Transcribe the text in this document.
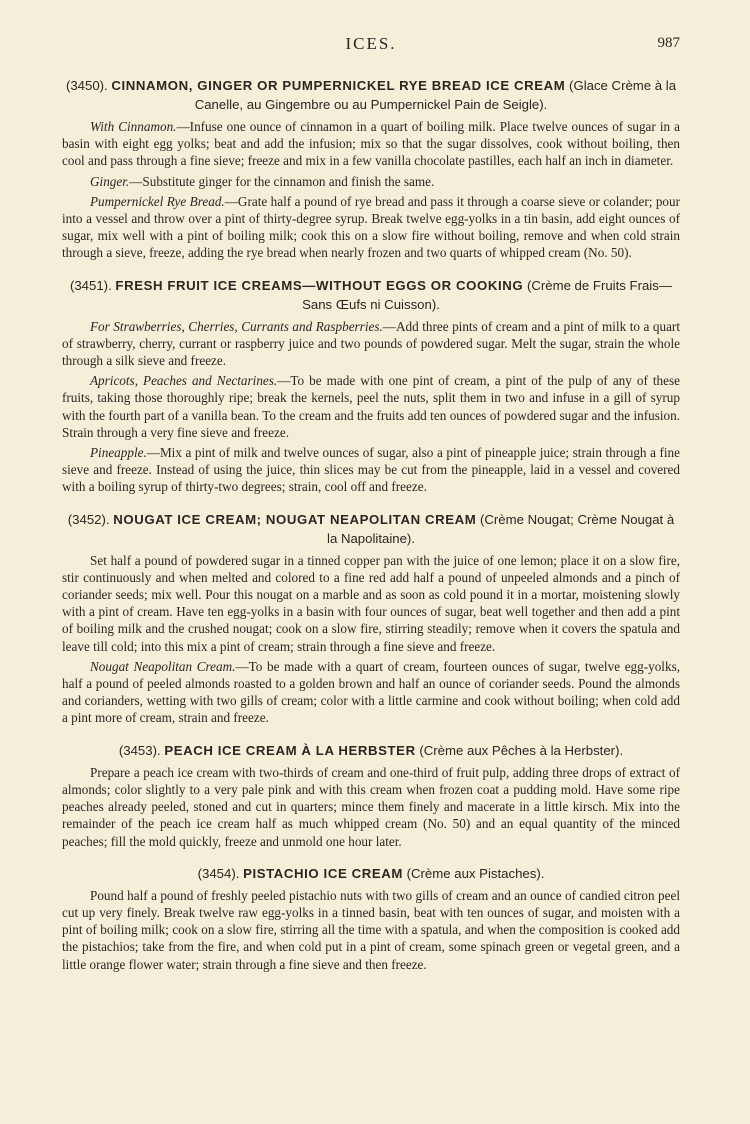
ICES.	987
(3450). CINNAMON, GINGER OR PUMPERNICKEL RYE BREAD ICE CREAM (Glace Crème à la Canelle, au Gingembre ou au Pumpernickel Pain de Seigle).

With Cinnamon.—Infuse one ounce of cinnamon in a quart of boiling milk. Place twelve ounces of sugar in a basin with eight egg yolks; beat and add the infusion; mix so that the sugar dissolves, cook without boiling, then cool and pass through a fine sieve; freeze and mix in a few vanilla chocolate pastilles, each half an inch in diameter.

Ginger.—Substitute ginger for the cinnamon and finish the same.

Pumpernickel Rye Bread.—Grate half a pound of rye bread and pass it through a coarse sieve or colander; pour into a vessel and throw over a pint of thirty-degree syrup. Break twelve egg-yolks in a tin basin, add eight ounces of sugar, mix well with a pint of boiling milk; cook this on a slow fire without boiling, remove and when cold strain through a sieve, freeze, adding the rye bread when nearly frozen and two quarts of whipped cream (No. 50).

(3451). FRESH FRUIT ICE CREAMS—WITHOUT EGGS OR COOKING (Crème de Fruits Frais—Sans Œufs ni Cuisson).

For Strawberries, Cherries, Currants and Raspberries.—Add three pints of cream and a pint of milk to a quart of strawberry, cherry, currant or raspberry juice and two pounds of powdered sugar. Melt the sugar, strain the whole through a silk sieve and freeze.

Apricots, Peaches and Nectarines.—To be made with one pint of cream, a pint of the pulp of any of these fruits, taking those thoroughly ripe; break the kernels, peel the nuts, split them in two and infuse in a gill of syrup with the fourth part of a vanilla bean. To the cream and the fruits add ten ounces of powdered sugar and the infusion. Strain through a very fine sieve and freeze.

Pineapple.—Mix a pint of milk and twelve ounces of sugar, also a pint of pineapple juice; strain through a fine sieve and freeze. Instead of using the juice, thin slices may be cut from the pineapple, laid in a vessel and covered with a boiling syrup of thirty-two degrees; strain, cool off and freeze.

(3452). NOUGAT ICE CREAM; NOUGAT NEAPOLITAN CREAM (Crème Nougat; Crème Nougat à la Napolitaine).

Set half a pound of powdered sugar in a tinned copper pan with the juice of one lemon; place it on a slow fire, stir continuously and when melted and colored to a fine red add half a pound of unpeeled almonds and a pinch of coriander seeds; mix well. Pour this nougat on a marble and as soon as cold pound it in a mortar, moistening slowly with a pint of cream. Have ten egg-yolks in a basin with four ounces of sugar, beat well together and then add a pint of boiling milk and the crushed nougat; cook on a slow fire, stirring steadily; remove when it covers the spatula and leave till cold; into this mix a pint of cream; strain through a fine sieve and freeze.

Nougat Neapolitan Cream.—To be made with a quart of cream, fourteen ounces of sugar, twelve egg-yolks, half a pound of peeled almonds roasted to a golden brown and half an ounce of coriander seeds. Pound the almonds and corianders, wetting with two gills of cream; color with a little carmine and cook without boiling; when cold add a pint more of cream, strain and freeze.

(3453). PEACH ICE CREAM À LA HERBSTER (Crème aux Pêches à la Herbster).

Prepare a peach ice cream with two-thirds of cream and one-third of fruit pulp, adding three drops of extract of almonds; color slightly to a very pale pink and with this cream when frozen coat a pudding mold. Have some ripe peaches already peeled, stoned and cut in quarters; mince them finely and macerate in a little kirsch. Mix into the remainder of the peach ice cream half as much whipped cream (No. 50) and an equal quantity of the minced peaches; fill the mold quickly, freeze and unmold one hour later.

(3454). PISTACHIO ICE CREAM (Crème aux Pistaches).

Pound half a pound of freshly peeled pistachio nuts with two gills of cream and an ounce of candied citron peel cut up very finely. Break twelve raw egg-yolks in a tinned basin, beat with ten ounces of sugar, and moisten with a pint of boiling milk; cook on a slow fire, stirring all the time with a spatula, and when the composition is cooked add the pistachios; take from the fire, and when cold put in a pint of cream, some spinach green or vegetal green, and a little orange flower water; strain through a fine sieve and then freeze.
